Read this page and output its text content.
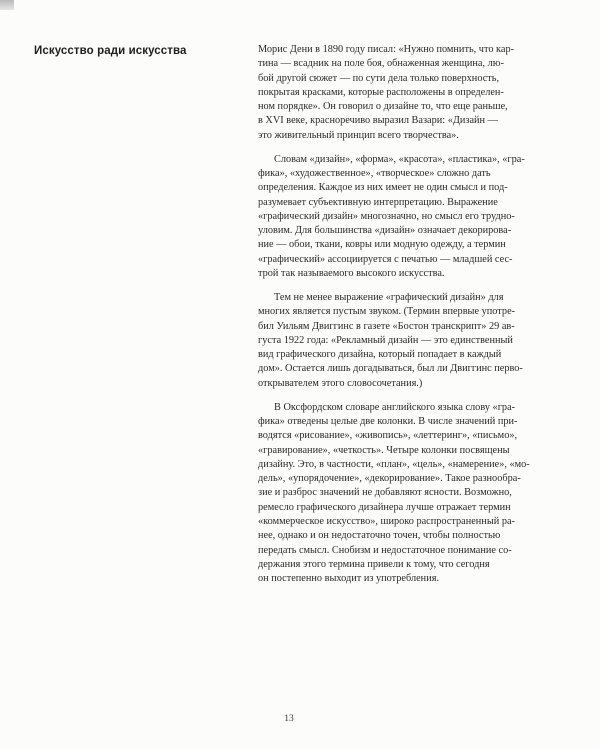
Искусство ради искусства	Морис Дени в 1890 году писал: «Нужно помнить, что кар-
тина — всадник на поле боя, обнаженная женщина, лю-
бой другой сюжет — по сути дела только поверхность,
покрытая красками, которые расположены в определен-
ном порядке». Он говорил о дизайне то, что еще раньше,
в XVI веке, красноречиво выразил Вазари: «Дизайн —
это живительный принцип всего творчества».
Словам «дизайн», «форма», «красота», «пластика», «гра-
фика», «художественное», «творческое» сложно дать
определения. Каждое из них имеет не один смысл и под-
разумевает субъективную интерпретацию. Выражение
«графический дизайн» многозначно, но смысл его трудно-
уловим. Для большинства «дизайн» означает декорирова-
ние — обои, ткани, ковры или модную одежду, а термин
«графический» ассоциируется с печатью — младшей сес-
трой так называемого высокого искусства.
Тем не менее выражение «графический дизайн» для
многих является пустым звуком. (Термин впервые употре-
бил Уильям Двиггинс в газете «Бостон транскрипт» 29 ав-
густа 1922 года: «Рекламный дизайн — это единственный
вид графического дизайна, который попадает в каждый
дом». Остается лишь догадываться, был ли Двиггинс перво-
открывателем этого словосочетания.)
В Оксфордском словаре английского языка слову «гра-
фика» отведены целые две колонки. В числе значений при-
водятся «рисование», «живопись», «леттеринг», «письмо»,
«гравирование», «четкость». Четыре колонки посвящены
дизайну. Это, в частности, «план», «цель», «намерение», «мо-
дель», «упорядочение», «декорирование». Такое разнообра-
зие и разброс значений не добавляют ясности. Возможно,
ремесло графического дизайнера лучше отражает термин
«коммерческое искусство», широко распространенный ра-
нее, однако и он недостаточно точен, чтобы полностью
передать смысл. Снобизм и недостаточное понимание со-
держания этого термина привели к тому, что сегодня
он постепенно выходит из употребления.
13
